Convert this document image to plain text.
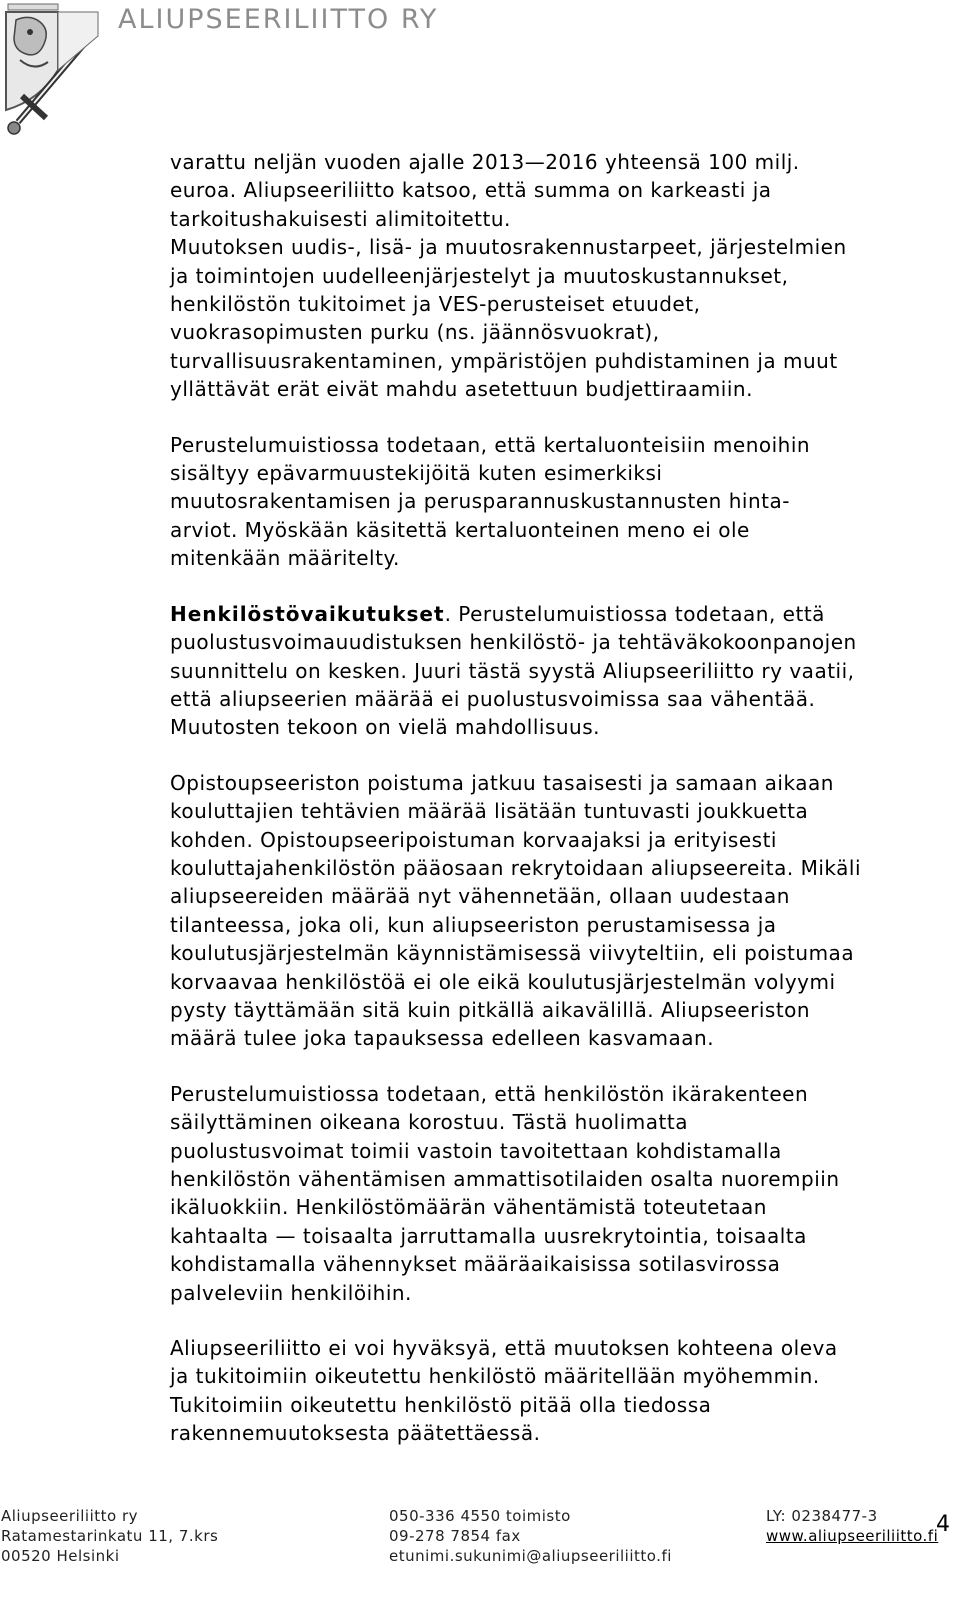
ALIUPSEERILIITTO RY

varattu neljän vuoden ajalle 2013—2016 yhteensä 100 milj.
euroa. Aliupseeriliitto katsoo, että summa on karkeasti ja
tarkoitushakuisesti alimitoitettu.
Muutoksen uudis-, lisä- ja muutosrakennustarpeet, järjestelmien
ja toimintojen uudelleenjärjestelyt ja muutoskustannukset,
henkilöstön tukitoimet ja VES-perusteiset etuudet,
vuokrasopimusten purku (ns. jäännösvuokrat),
turvallisuusrakentaminen, ympäristöjen puhdistaminen ja muut
yllättävät erät eivät mahdu asetettuun budjettiraamiin.

Perustelumuistiossa todetaan, että kertaluonteisiin menoihin
sisältyy epävarmuustekijöitä kuten esimerkiksi
muutosrakentamisen ja perusparannuskustannusten hinta-
arviot. Myöskään käsitettä kertaluonteinen meno ei ole
mitenkään määritelty.

Henkilöstövaikutukset. Perustelumuistiossa todetaan, että
puolustusvoimauudistuksen henkilöstö- ja tehtäväkokoonpanojen
suunnittelu on kesken. Juuri tästä syystä Aliupseeriliitto ry vaatii,
että aliupseerien määrää ei puolustusvoimissa saa vähentää.
Muutosten tekoon on vielä mahdollisuus.

Opistoupseeriston poistuma jatkuu tasaisesti ja samaan aikaan
kouluttajien tehtävien määrää lisätään tuntuvasti joukkuetta
kohden. Opistoupseeripoistuman korvaajaksi ja erityisesti
kouluttajahenkilöstön pääosaan rekrytoidaan aliupseereita. Mikäli
aliupseereiden määrää nyt vähennetään, ollaan uudestaan
tilanteessa, joka oli, kun aliupseeriston perustamisessa ja
koulutusjärjestelmän käynnistämisessä viivyteltiin, eli poistumaa
korvaavaa henkilöstöä ei ole eikä koulutusjärjestelmän volyymi
pysty täyttämään sitä kuin pitkällä aikavälillä. Aliupseeriston
määrä tulee joka tapauksessa edelleen kasvamaan.

Perustelumuistiossa todetaan, että henkilöstön ikärakenteen
säilyttäminen oikeana korostuu. Tästä huolimatta
puolustusvoimat toimii vastoin tavoitettaan kohdistamalla
henkilöstön vähentämisen ammattisotilaiden osalta nuorempiin
ikäluokkiin. Henkilöstömäärän vähentämistä toteutetaan
kahtaalta — toisaalta jarruttamalla uusrekrytointia, toisaalta
kohdistamalla vähennykset määräaikaisissa sotilasvirossa
palveleviin henkilöihin.

Aliupseeriliitto ei voi hyväksyä, että muutoksen kohteena oleva
ja tukitoimiin oikeutettu henkilöstö määritellään myöhemmin.
Tukitoimiin oikeutettu henkilöstö pitää olla tiedossa
rakennemuutoksesta päätettäessä.

Aliupseeriliitto ry
Ratamestarinkatu 11, 7.krs
00520 Helsinki
050-336 4550 toimisto
09-278 7854 fax
etunimi.sukunimi@aliupseeriliitto.fi
LY: 0238477-3
www.aliupseeriliitto.fi
4
